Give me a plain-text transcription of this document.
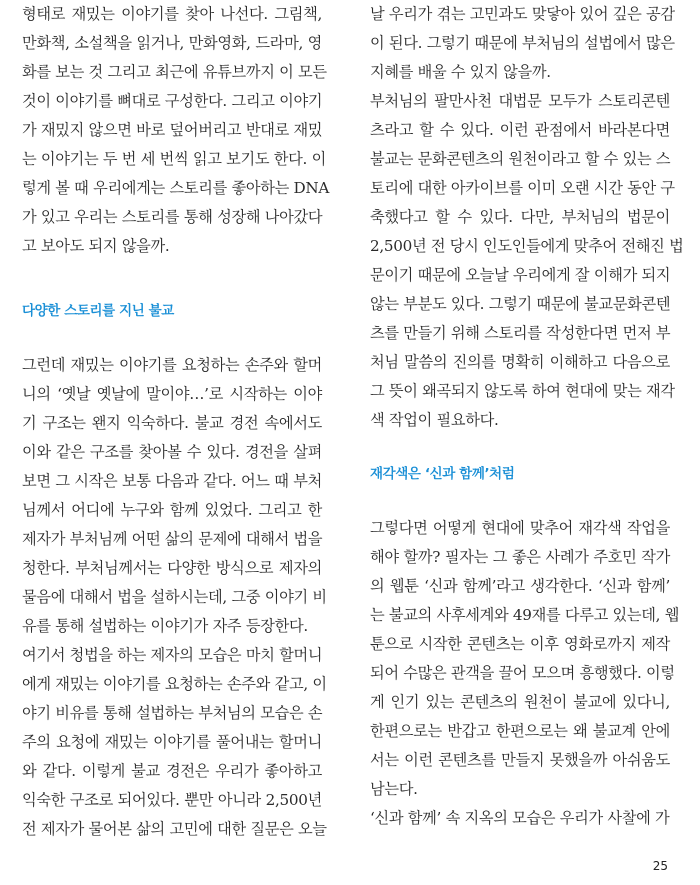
형태로 재밌는 이야기를 찾아 나선다. 그림책,
만화책, 소설책을 읽거나, 만화영화, 드라마, 영
화를 보는 것 그리고 최근에 유튜브까지 이 모든
것이 이야기를 뼈대로 구성한다. 그리고 이야기
가 재밌지 않으면 바로 덮어버리고 반대로 재밌
는 이야기는 두 번 세 번씩 읽고 보기도 한다. 이
렇게 볼 때 우리에게는 스토리를 좋아하는 DNA
가 있고 우리는 스토리를 통해 성장해 나아갔다
고 보아도 되지 않을까.
다양한 스토리를 지닌 불교
그런데 재밌는 이야기를 요청하는 손주와 할머
니의 ‘옛날 옛날에 말이야…’로 시작하는 이야
기 구조는 왠지 익숙하다. 불교 경전 속에서도
이와 같은 구조를 찾아볼 수 있다. 경전을 살펴
보면 그 시작은 보통 다음과 같다. 어느 때 부처
님께서 어디에 누구와 함께 있었다. 그리고 한
제자가 부처님께 어떤 삶의 문제에 대해서 법을
청한다. 부처님께서는 다양한 방식으로 제자의
물음에 대해서 법을 설하시는데, 그중 이야기 비
유를 통해 설법하는 이야기가 자주 등장한다.
여기서 청법을 하는 제자의 모습은 마치 할머니
에게 재밌는 이야기를 요청하는 손주와 같고, 이
야기 비유를 통해 설법하는 부처님의 모습은 손
주의 요청에 재밌는 이야기를 풀어내는 할머니
와 같다. 이렇게 불교 경전은 우리가 좋아하고
익숙한 구조로 되어있다. 뿐만 아니라 2,500년
전 제자가 물어본 삶의 고민에 대한 질문은 오늘
날 우리가 겪는 고민과도 맞닿아 있어 깊은 공감
이 된다. 그렇기 때문에 부처님의 설법에서 많은
지혜를 배울 수 있지 않을까.
부처님의 팔만사천 대법문 모두가 스토리콘텐
츠라고 할 수 있다. 이런 관점에서 바라본다면
불교는 문화콘텐츠의 원천이라고 할 수 있는 스
토리에 대한 아카이브를 이미 오랜 시간 동안 구
축했다고 할 수 있다. 다만, 부처님의 법문이
2,500년 전 당시 인도인들에게 맞추어 전해진 법
문이기 때문에 오늘날 우리에게 잘 이해가 되지
않는 부분도 있다. 그렇기 때문에 불교문화콘텐
츠를 만들기 위해 스토리를 작성한다면 먼저 부
처님 말씀의 진의를 명확히 이해하고 다음으로
그 뜻이 왜곡되지 않도록 하여 현대에 맞는 재각
색 작업이 필요하다.
재각색은 ‘신과 함께’처럼
그렇다면 어떻게 현대에 맞추어 재각색 작업을
해야 할까? 필자는 그 좋은 사례가 주호민 작가
의 웹툰 ‘신과 함께’라고 생각한다. ‘신과 함께’
는 불교의 사후세계와 49재를 다루고 있는데, 웹
툰으로 시작한 콘텐츠는 이후 영화로까지 제작
되어 수많은 관객을 끌어 모으며 흥행했다. 이렇
게 인기 있는 콘텐츠의 원천이 불교에 있다니,
한편으로는 반갑고 한편으로는 왜 불교계 안에
서는 이런 콘텐츠를 만들지 못했을까 아쉬움도
남는다.
‘신과 함께’ 속 지옥의 모습은 우리가 사찰에 가
25
